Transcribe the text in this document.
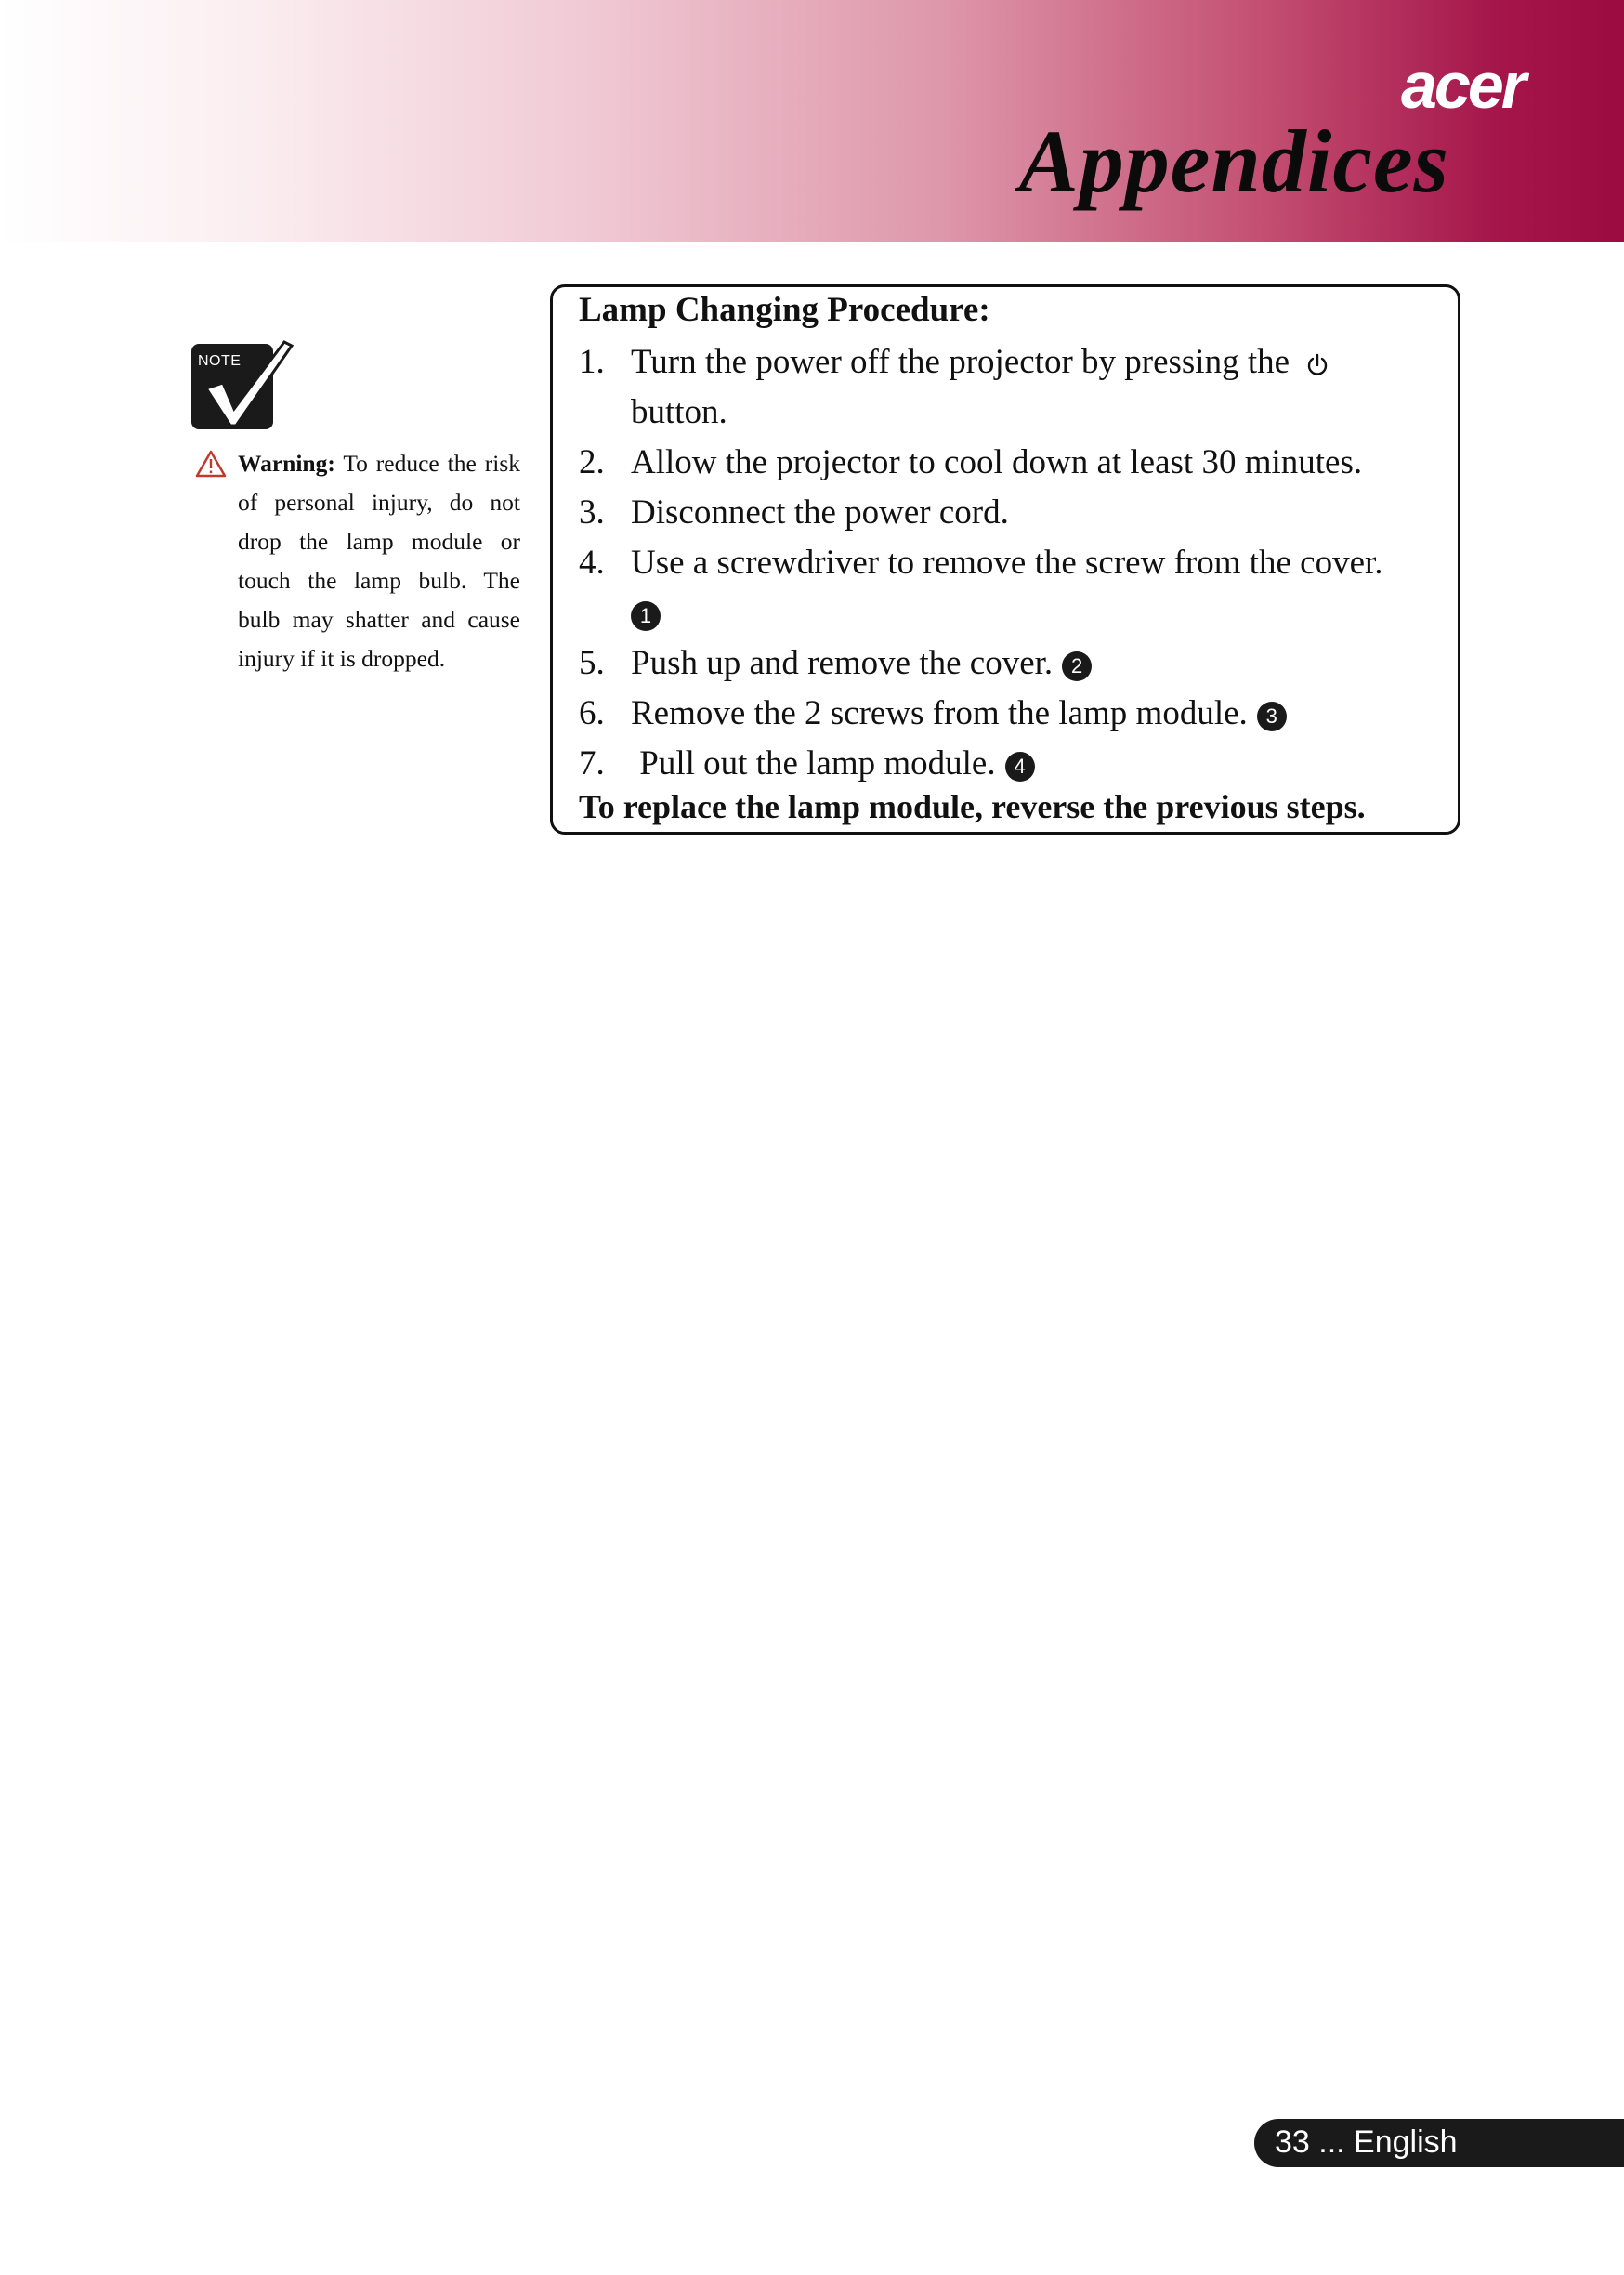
acer
Appendices
NOTE
Warning: To reduce the risk of personal injury, do not drop the lamp module or touch the lamp bulb. The bulb may shatter and cause injury if it is dropped.
Lamp Changing Procedure:
1. Turn the power off the projector by pressing the
button.
2. Allow the projector to cool down at least 30 minutes.
3. Disconnect the power cord.
4. Use a screwdriver to remove the screw from the cover.
1
5. Push up and remove the cover. 2
6. Remove the 2 screws from the lamp module. 3
7. Pull out the lamp module. 4
To replace the lamp module, reverse the previous steps.
33 ... English
